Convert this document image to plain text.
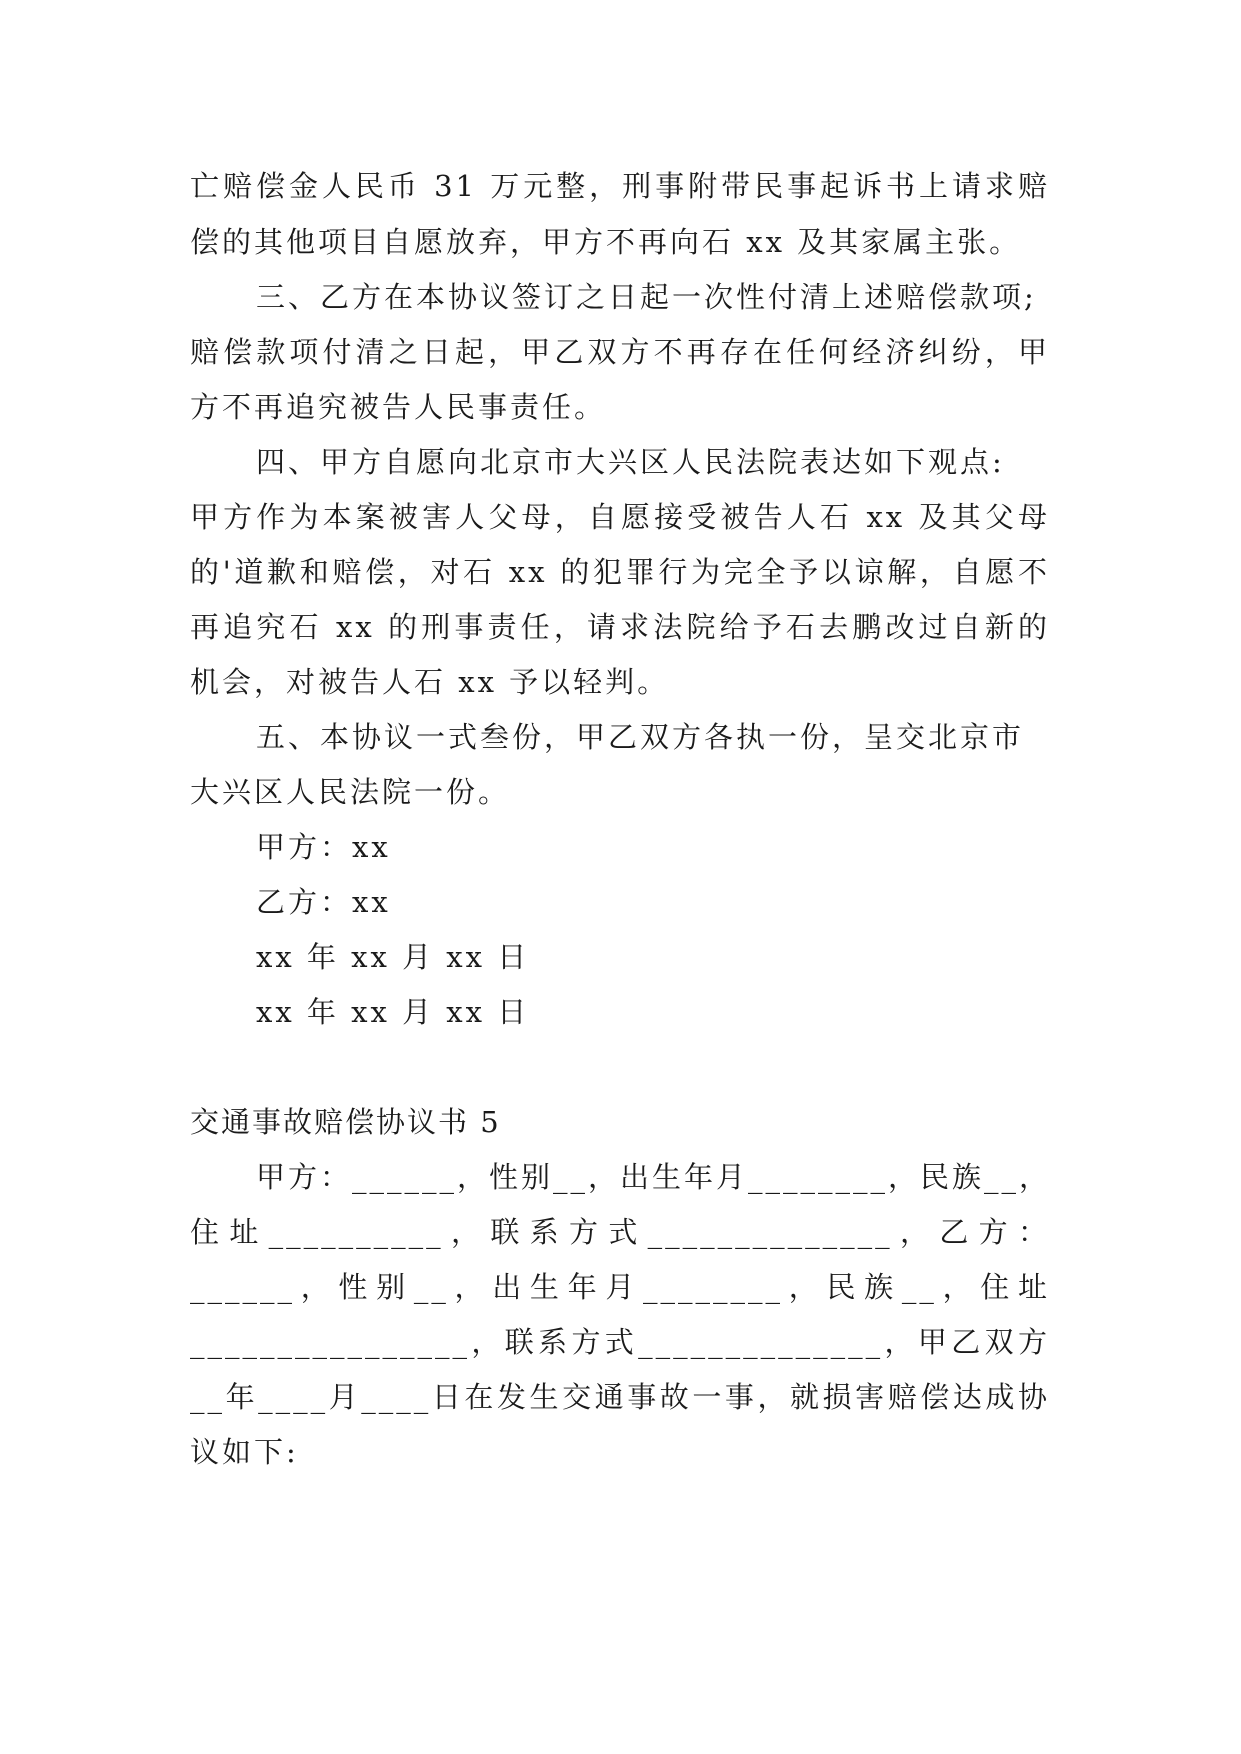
亡赔偿金人民币 31 万元整，刑事附带民事起诉书上请求赔
偿的其他项目自愿放弃，甲方不再向石 xx 及其家属主张。
三、乙方在本协议签订之日起一次性付清上述赔偿款项;
赔偿款项付清之日起，甲乙双方不再存在任何经济纠纷，甲
方不再追究被告人民事责任。
四、甲方自愿向北京市大兴区人民法院表达如下观点:
甲方作为本案被害人父母，自愿接受被告人石 xx 及其父母
的'道歉和赔偿，对石 xx 的犯罪行为完全予以谅解，自愿不
再追究石 xx 的刑事责任，请求法院给予石去鹏改过自新的
机会，对被告人石 xx 予以轻判。
五、本协议一式叁份，甲乙双方各执一份，呈交北京市
大兴区人民法院一份。
甲方：xx
乙方：xx
xx 年 xx 月 xx 日
xx 年 xx 月 xx 日
交通事故赔偿协议书 5
甲方：______，性别__，出生年月________，民族__，
住址__________，联系方式______________，乙方：
______，性别__，出生年月________，民族__，住址
________________，联系方式______________，甲乙双方
__年____月____日在发生交通事故一事，就损害赔偿达成协
议如下:
